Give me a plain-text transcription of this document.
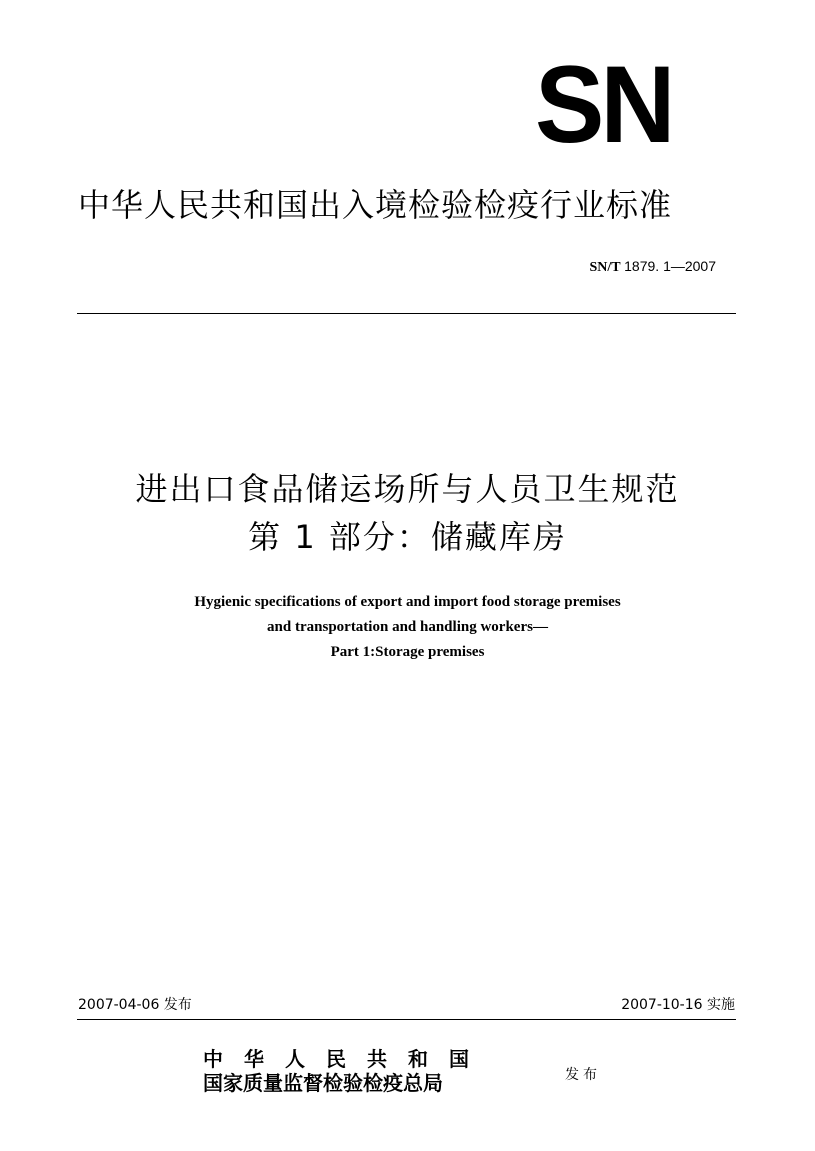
SN
中华人民共和国出入境检验检疫行业标准
SN/T 1879. 1—2007
进出口食品储运场所与人员卫生规范
第 1 部分：储藏库房
Hygienic specifications of export and import food storage premises
and transportation and handling workers—
Part 1:Storage premises
2007-04-06 发布	2007-10-16 实施
中华人民共和国
国家质量监督检验检疫总局	发布
